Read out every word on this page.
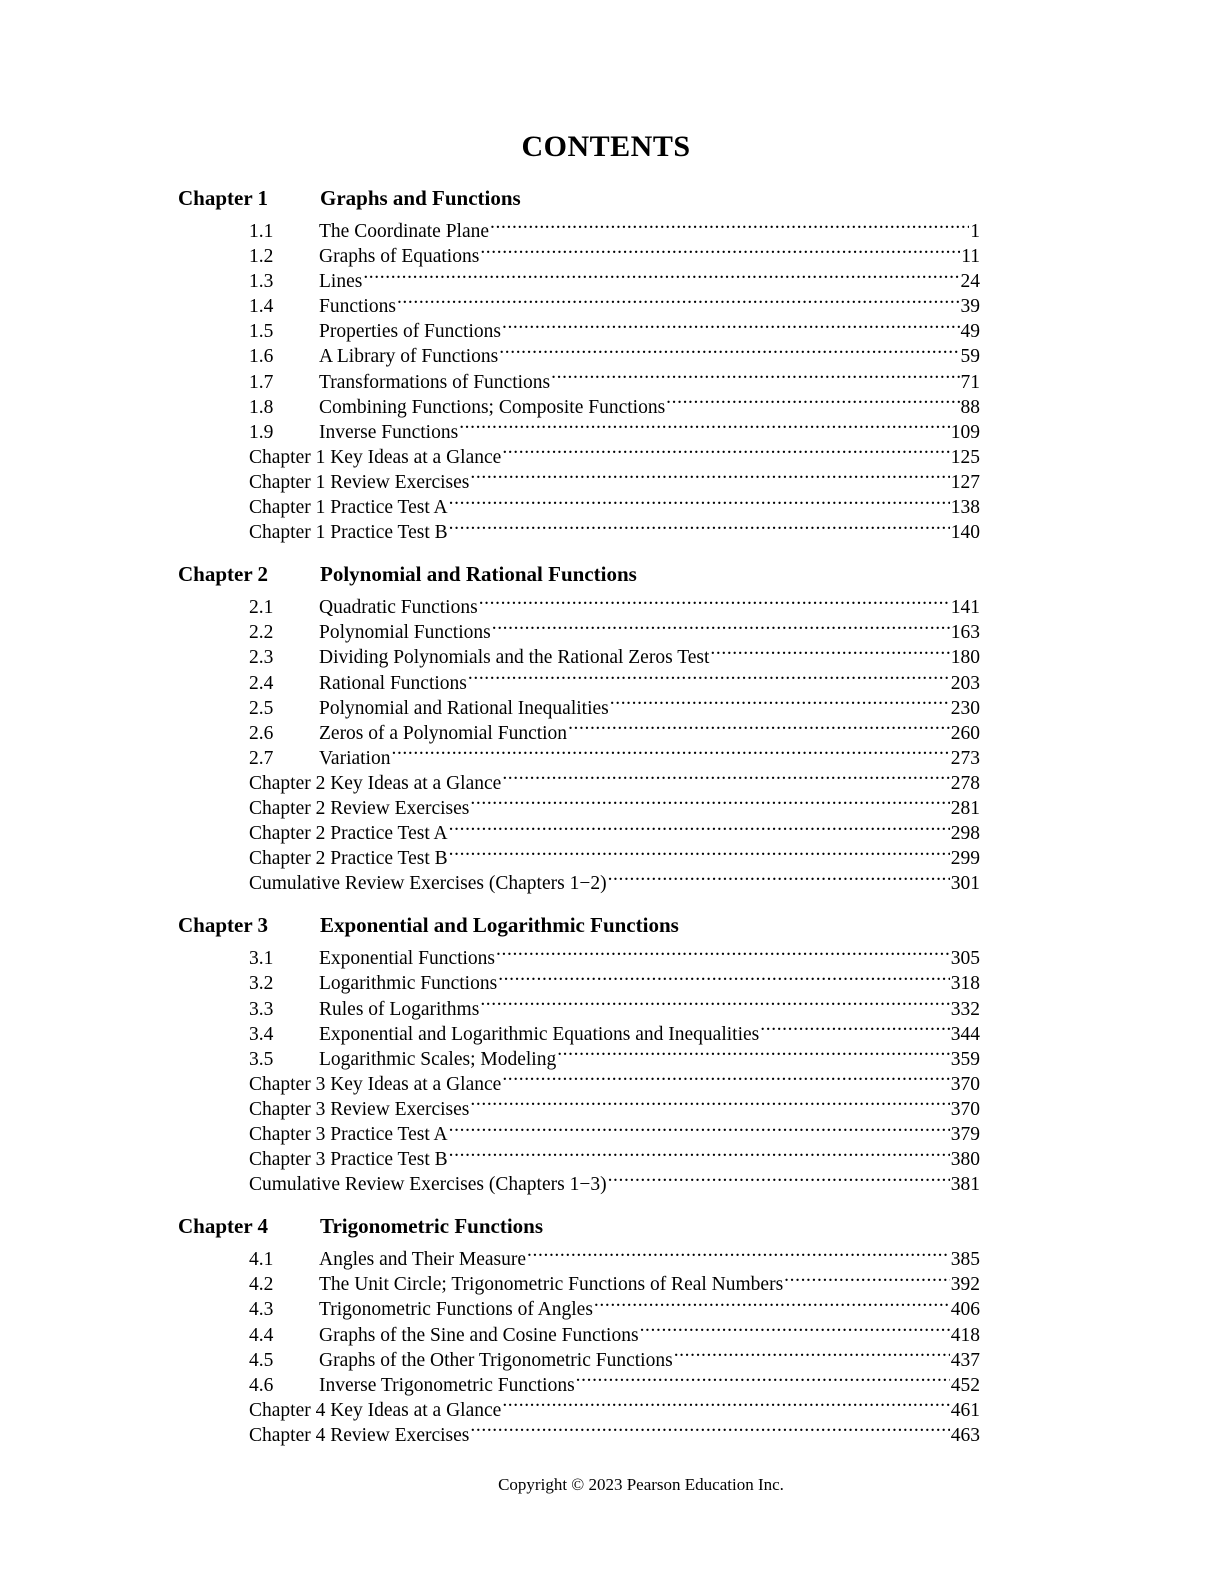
CONTENTS
Chapter 1	Graphs and Functions
1.1	The Coordinate Plane .....	1
1.2	Graphs of Equations .....	11
1.3	Lines .....	24
1.4	Functions .....	39
1.5	Properties of Functions .....	49
1.6	A Library of Functions .....	59
1.7	Transformations of Functions .....	71
1.8	Combining Functions; Composite Functions .....	88
1.9	Inverse Functions .....	109
Chapter 1 Key Ideas at a Glance .....	125
Chapter 1 Review Exercises .....	127
Chapter 1 Practice Test A .....	138
Chapter 1 Practice Test B .....	140
Chapter 2	Polynomial and Rational Functions
2.1	Quadratic Functions .....	141
2.2	Polynomial Functions .....	163
2.3	Dividing Polynomials and the Rational Zeros Test .....	180
2.4	Rational Functions .....	203
2.5	Polynomial and Rational Inequalities .....	230
2.6	Zeros of a Polynomial Function .....	260
2.7	Variation .....	273
Chapter 2 Key Ideas at a Glance .....	278
Chapter 2 Review Exercises .....	281
Chapter 2 Practice Test A .....	298
Chapter 2 Practice Test B .....	299
Cumulative Review Exercises (Chapters 1−2) .....	301
Chapter 3	Exponential and Logarithmic Functions
3.1	Exponential Functions .....	305
3.2	Logarithmic Functions .....	318
3.3	Rules of Logarithms .....	332
3.4	Exponential and Logarithmic Equations and Inequalities .....	344
3.5	Logarithmic Scales; Modeling .....	359
Chapter 3 Key Ideas at a Glance .....	370
Chapter 3 Review Exercises .....	370
Chapter 3 Practice Test A .....	379
Chapter 3 Practice Test B .....	380
Cumulative Review Exercises (Chapters 1−3) .....	381
Chapter 4	Trigonometric Functions
4.1	Angles and Their Measure .....	385
4.2	The Unit Circle; Trigonometric Functions of Real Numbers .....	392
4.3	Trigonometric Functions of Angles .....	406
4.4	Graphs of the Sine and Cosine Functions .....	418
4.5	Graphs of the Other Trigonometric Functions .....	437
4.6	Inverse Trigonometric Functions .....	452
Chapter 4 Key Ideas at a Glance .....	461
Chapter 4 Review Exercises .....	463
Copyright © 2023 Pearson Education Inc.
